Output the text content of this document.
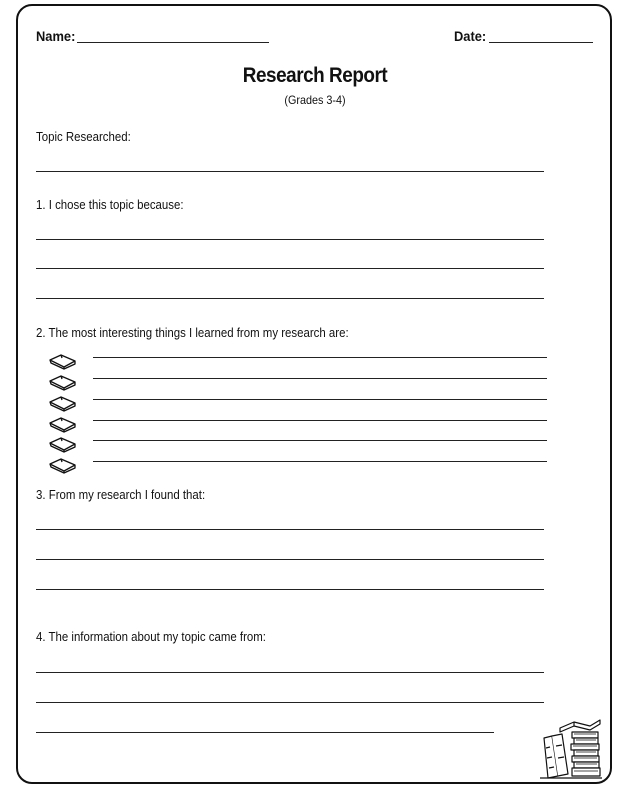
Name:	Date:
Research Report
(Grades 3-4)
Topic Researched:
1. I chose this topic because:
2. The most interesting things I learned from my research are:
3. From my research I found that:
4. The information about my topic came from:
